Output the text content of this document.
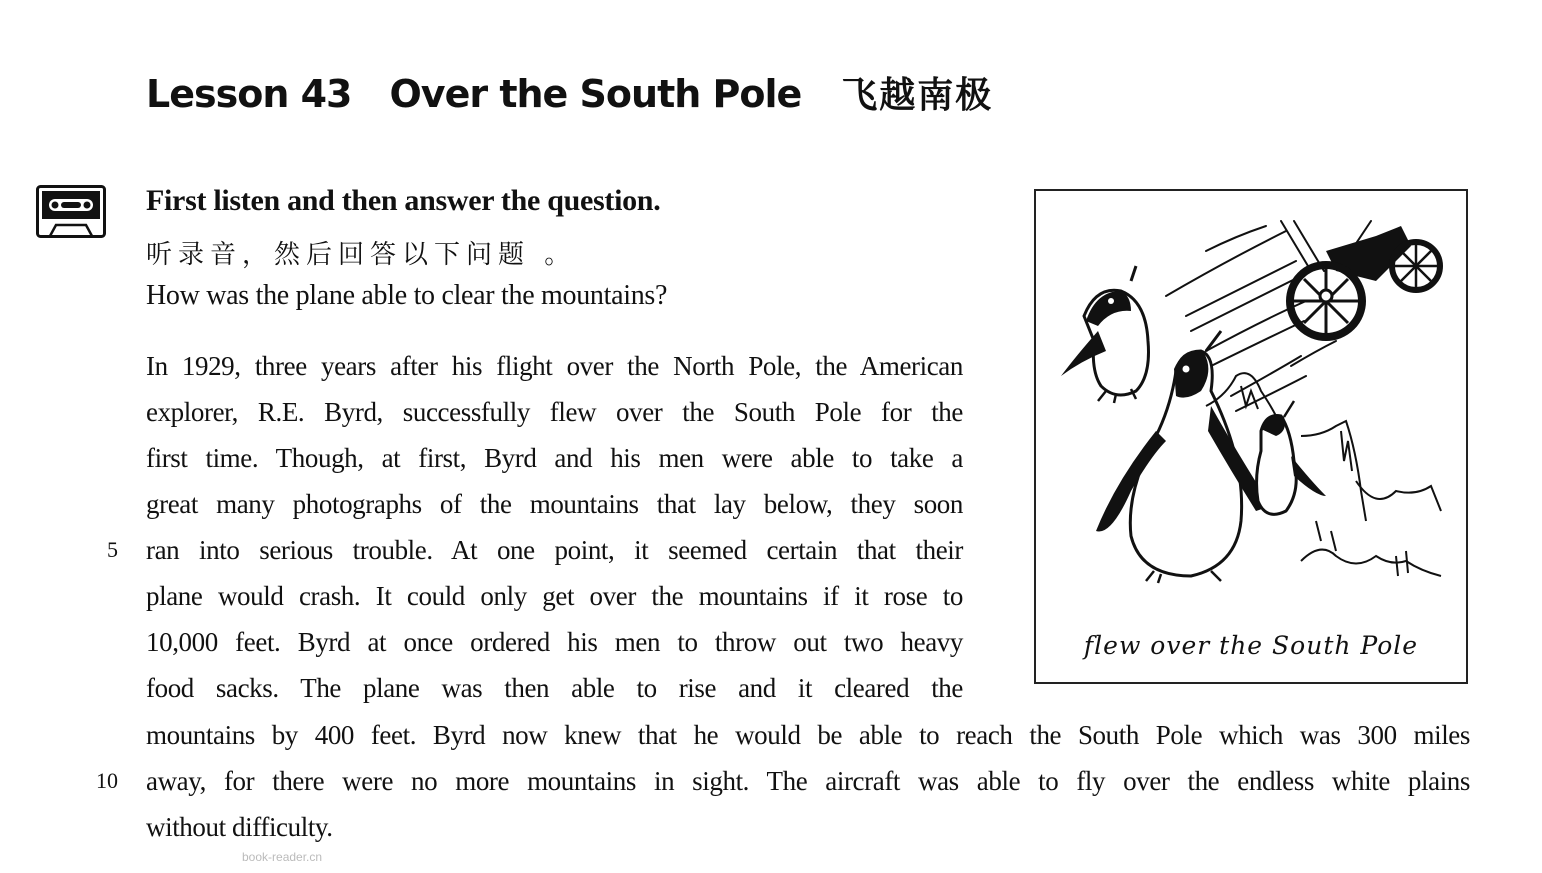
Lesson 43 Over the South Pole 飞越南极
First listen and then answer the question.
听录音，然后回答以下问题 。
How was the plane able to clear the mountains?
In 1929, three years after his flight over the North Pole, the American
explorer, R.E. Byrd, successfully flew over the South Pole for the
first time. Though, at first, Byrd and his men were able to take a
great many photographs of the mountains that lay below, they soon
5 ran into serious trouble. At one point, it seemed certain that their
plane would crash. It could only get over the mountains if it rose to
10,000 feet. Byrd at once ordered his men to throw out two heavy
food sacks. The plane was then able to rise and it cleared the
mountains by 400 feet. Byrd now knew that he would be able to reach the South Pole which was 300 miles
10 away, for there were no more mountains in sight. The aircraft was able to fly over the endless white plains
without difficulty.
flew over the South Pole
book-reader.cn
